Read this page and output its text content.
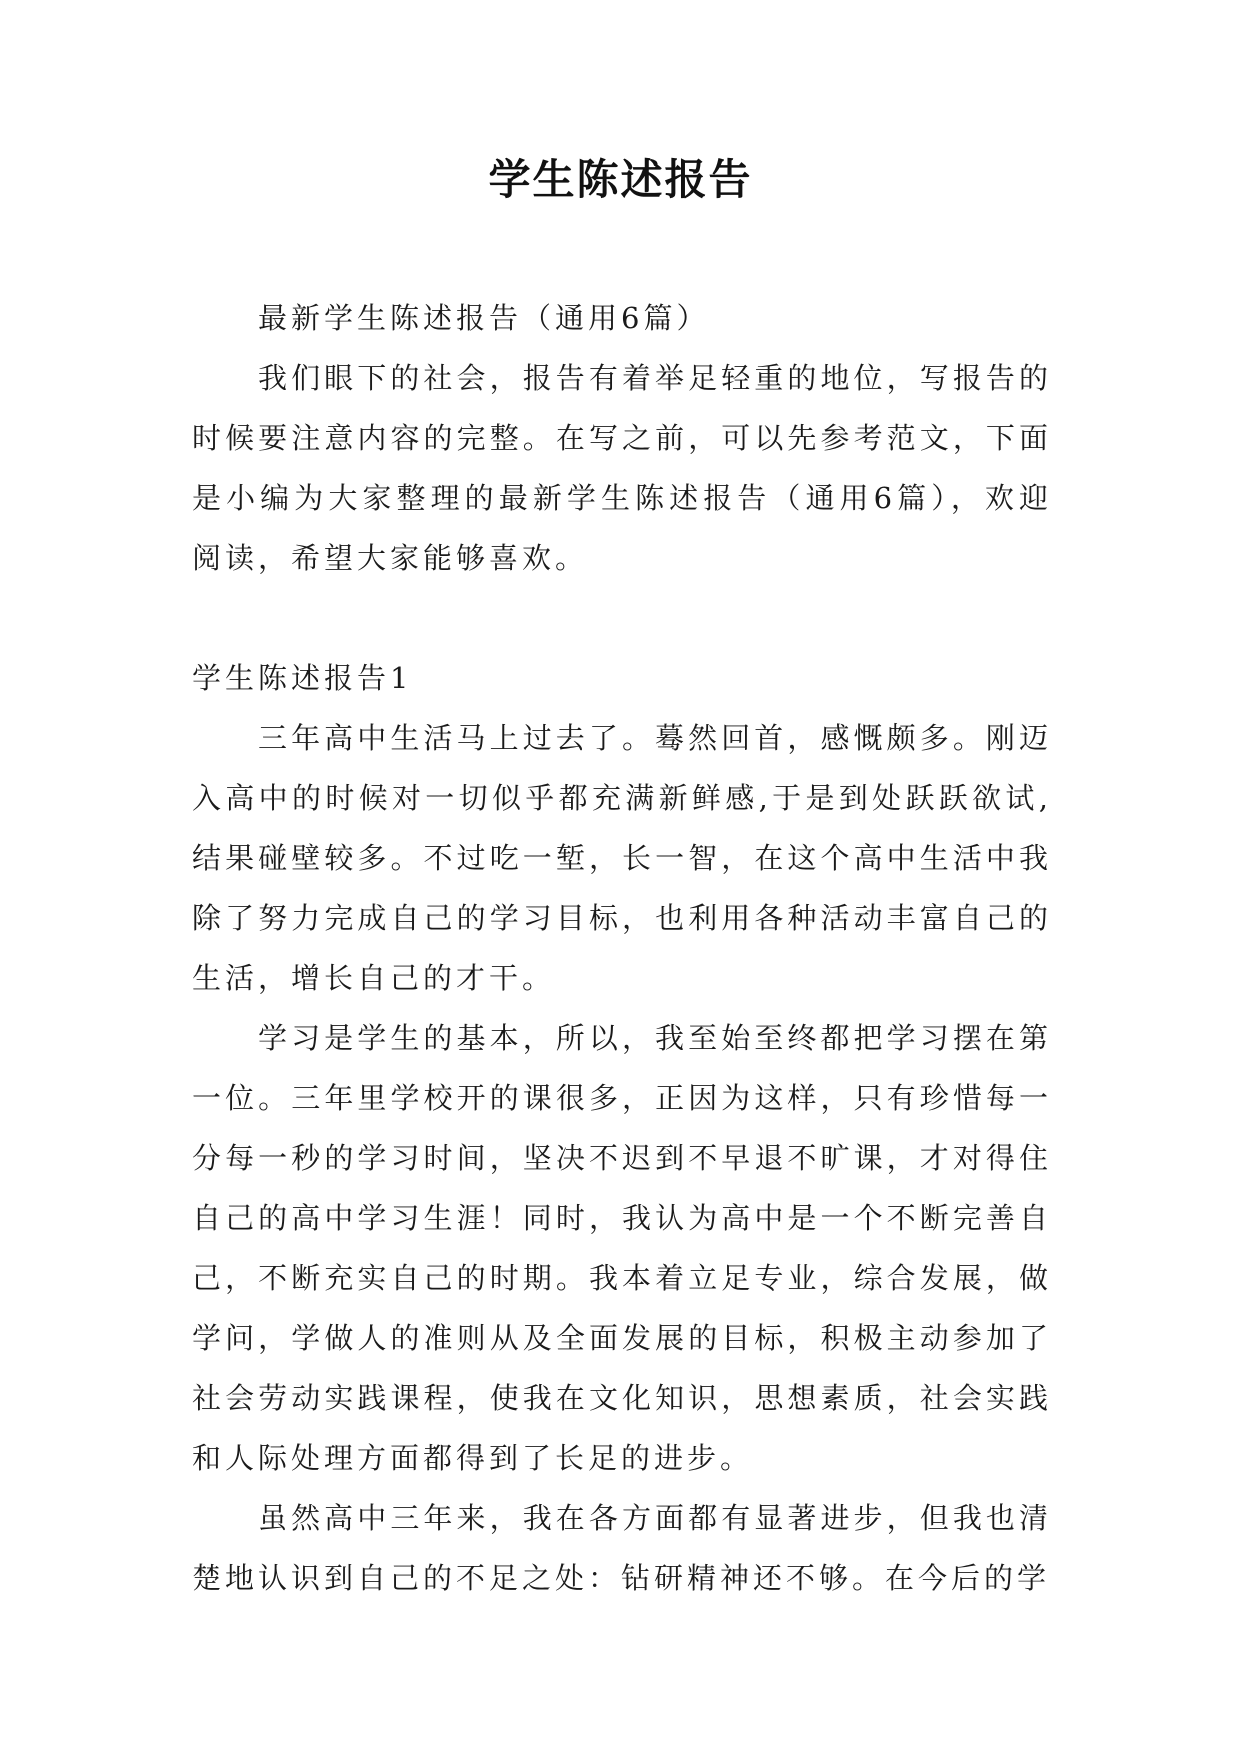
学生陈述报告

最新学生陈述报告（通用6篇）

我们眼下的社会，报告有着举足轻重的地位，写报告的时候要注意内容的完整。在写之前，可以先参考范文，下面是小编为大家整理的最新学生陈述报告（通用6篇），欢迎阅读，希望大家能够喜欢。

学生陈述报告1

三年高中生活马上过去了。蓦然回首，感慨颇多。刚迈入高中的时候对一切似乎都充满新鲜感,于是到处跃跃欲试,结果碰壁较多。不过吃一堑，长一智，在这个高中生活中我除了努力完成自己的学习目标，也利用各种活动丰富自己的生活，增长自己的才干。

学习是学生的基本，所以，我至始至终都把学习摆在第一位。三年里学校开的课很多，正因为这样，只有珍惜每一分每一秒的学习时间，坚决不迟到不早退不旷课，才对得住自己的高中学习生涯！同时，我认为高中是一个不断完善自己，不断充实自己的时期。我本着立足专业，综合发展，做学问，学做人的准则从及全面发展的目标，积极主动参加了社会劳动实践课程，使我在文化知识，思想素质，社会实践和人际处理方面都得到了长足的进步。

虽然高中三年来，我在各方面都有显著进步，但我也清楚地认识到自己的不足之处：钻研精神还不够。在今后的学
